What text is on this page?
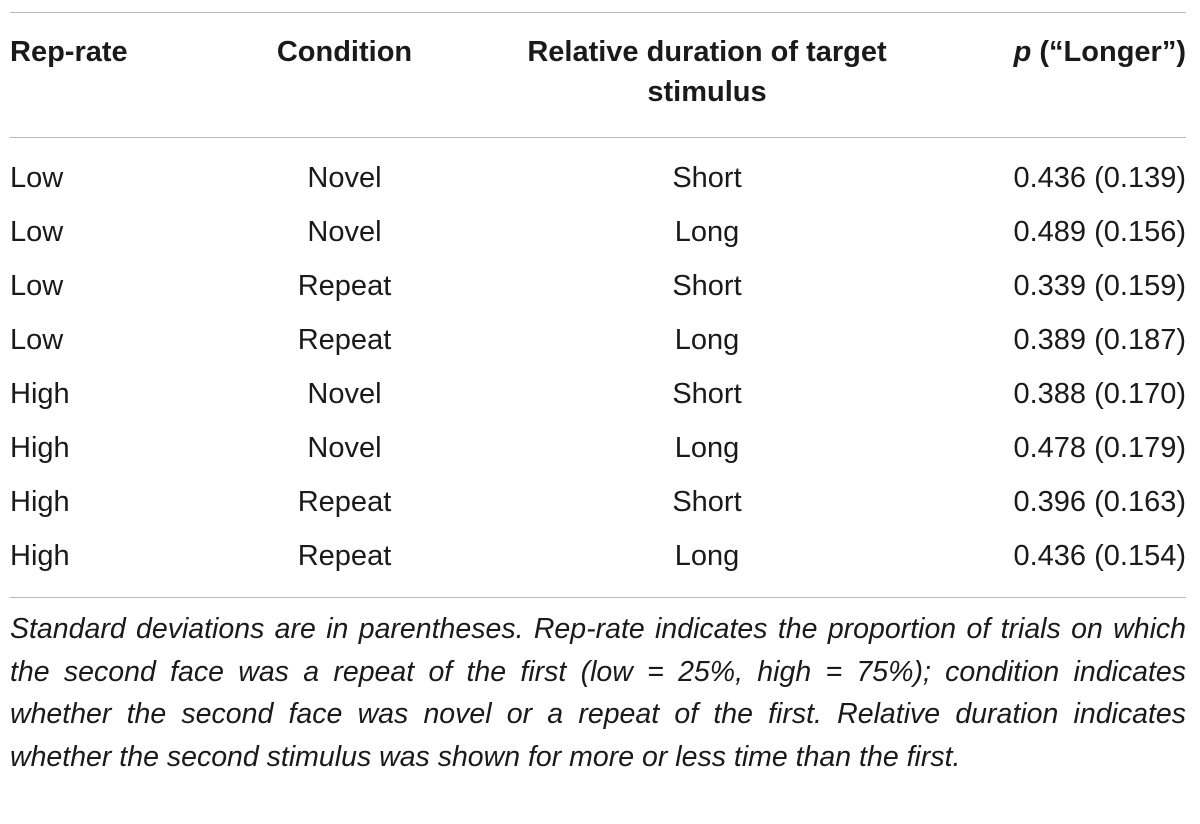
Rep-rate	Condition	Relative duration of target stimulus	p (“Longer”)

Low	Novel	Short	0.436 (0.139)
Low	Novel	Long	0.489 (0.156)
Low	Repeat	Short	0.339 (0.159)
Low	Repeat	Long	0.389 (0.187)
High	Novel	Short	0.388 (0.170)
High	Novel	Long	0.478 (0.179)
High	Repeat	Short	0.396 (0.163)
High	Repeat	Long	0.436 (0.154)
Standard deviations are in parentheses. Rep-rate indicates the proportion of trials on which the second face was a repeat of the first (low = 25%, high = 75%); condition indicates whether the second face was novel or a repeat of the first. Relative duration indicates whether the second stimulus was shown for more or less time than the first.
